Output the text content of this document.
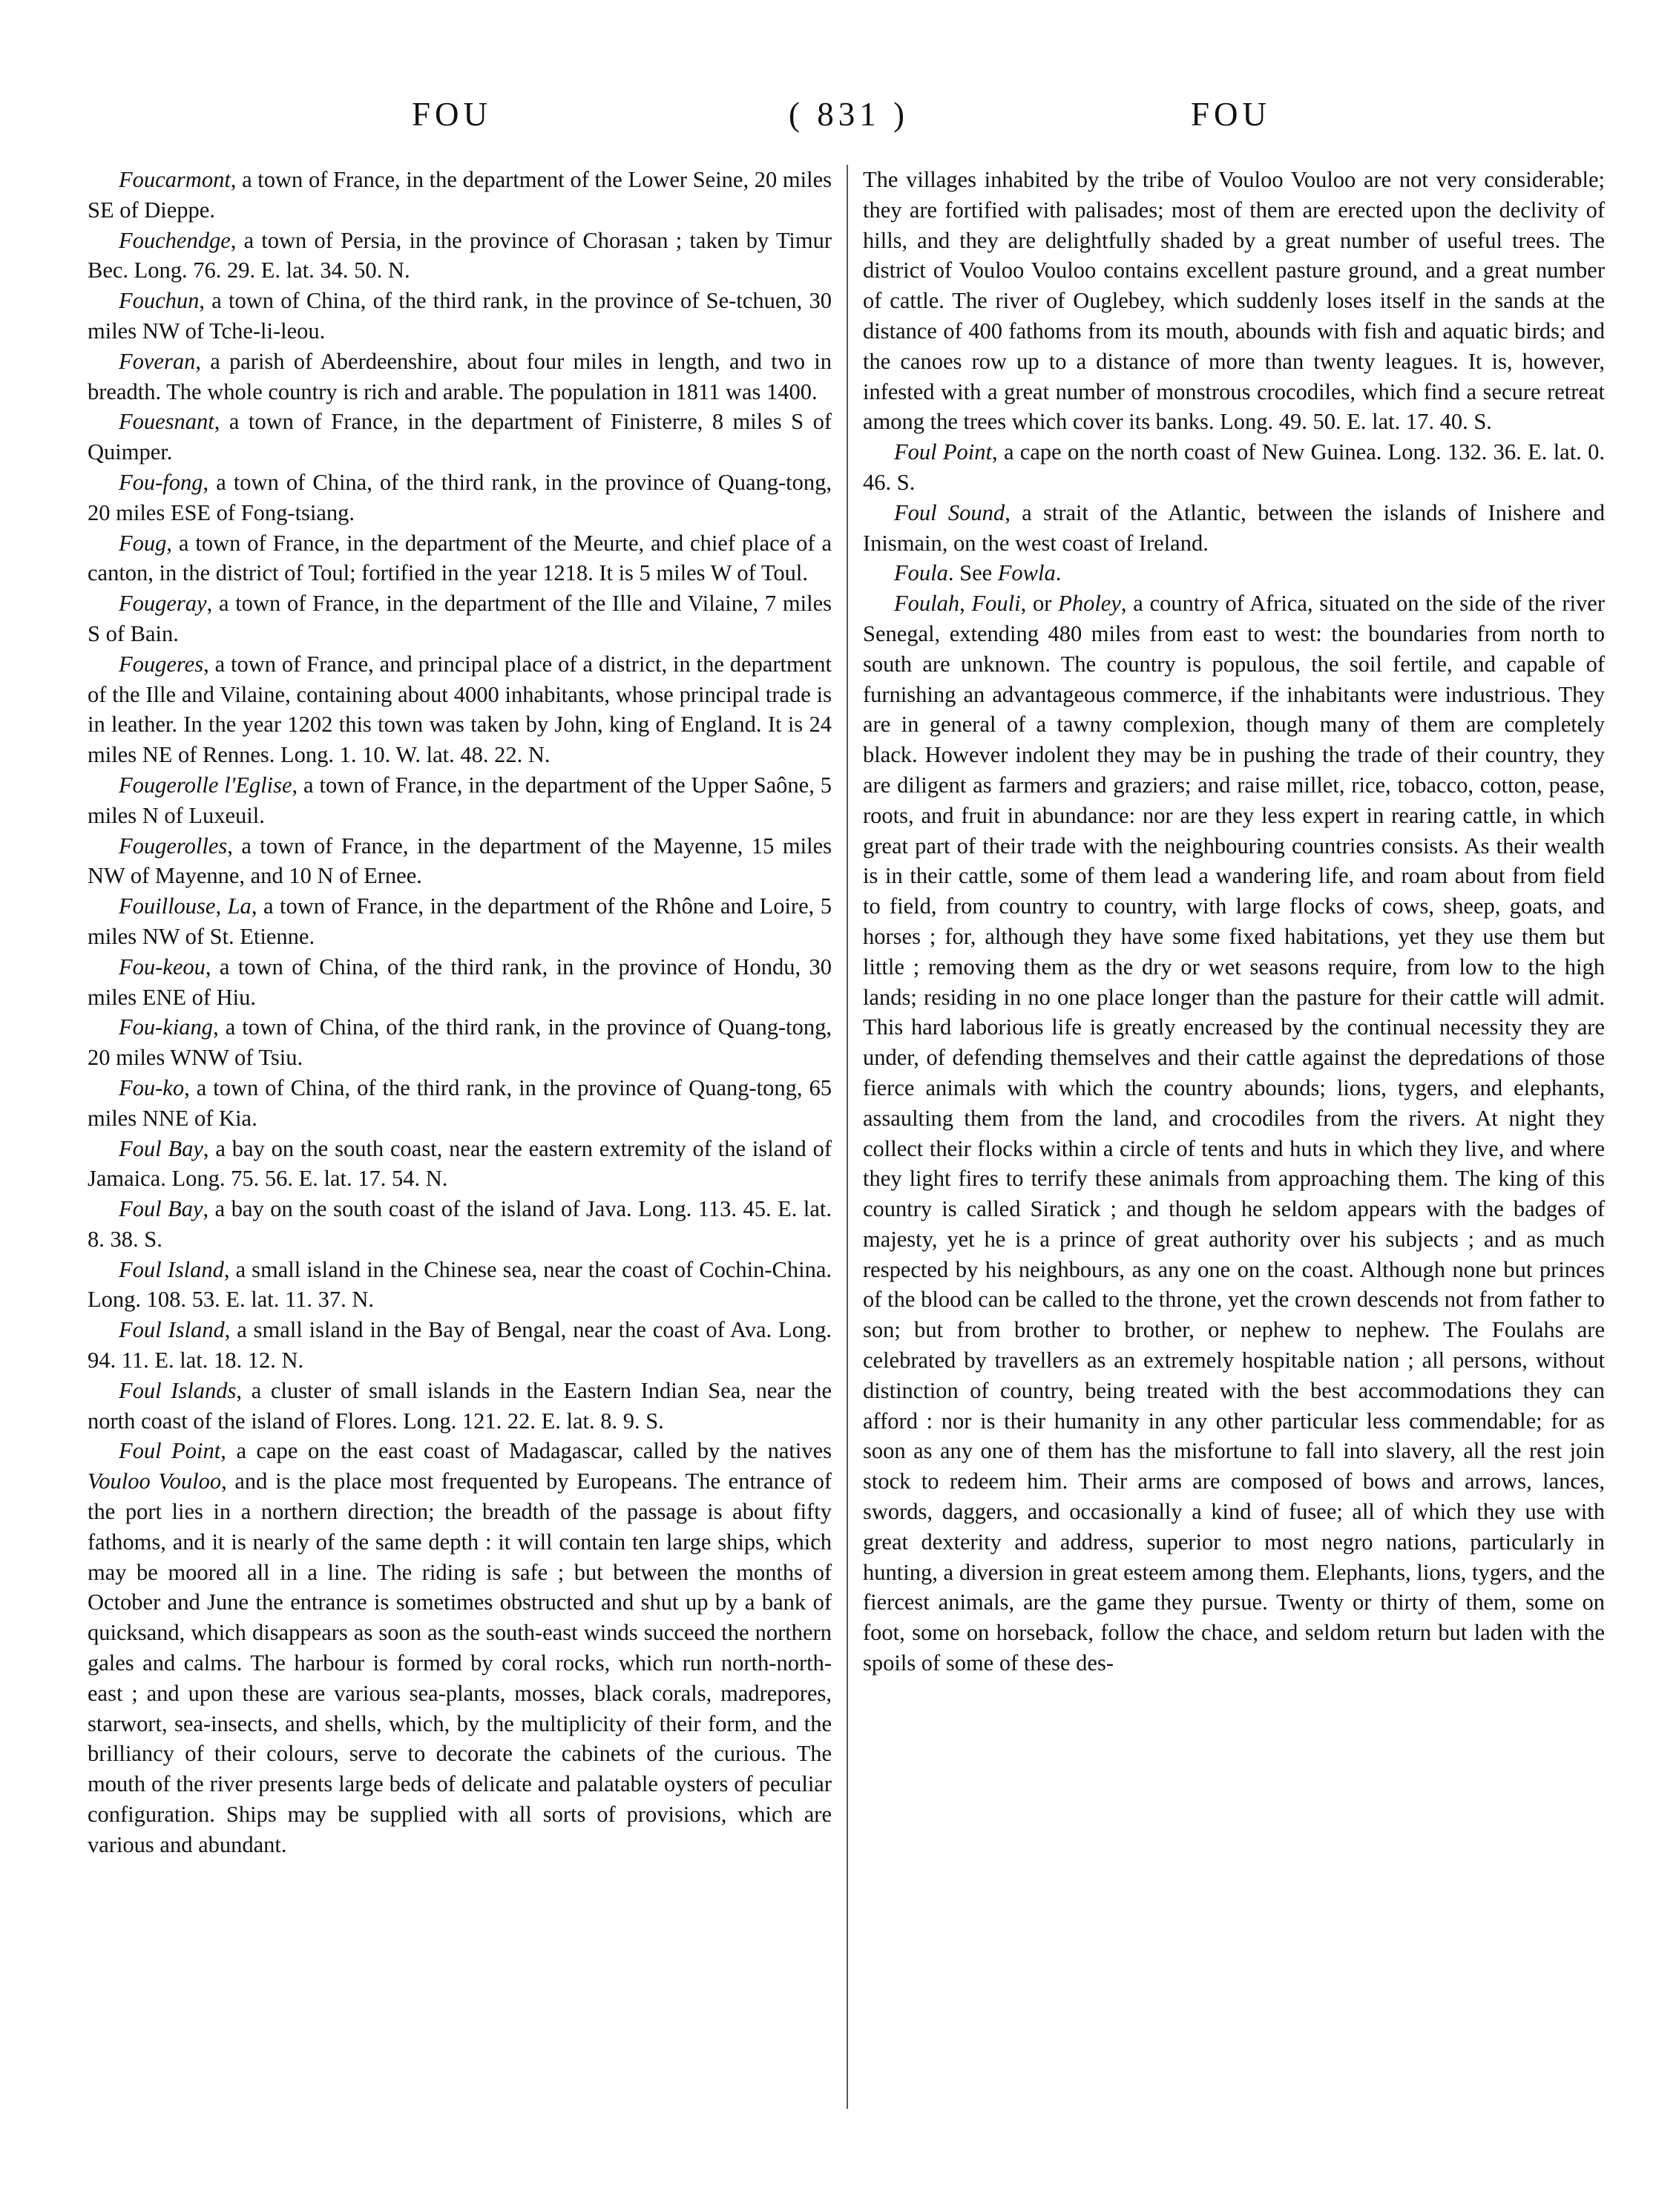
FOU	( 831 )	FOU

Foucarmont, a town of France, in the department of the Lower Seine, 20 miles SE of Dieppe.

Fouchendge, a town of Persia, in the province of Chorasan ; taken by Timur Bec. Long. 76. 29. E. lat. 34. 50. N.

Fouchun, a town of China, of the third rank, in the province of Se-tchuen, 30 miles NW of Tche-li-leou.

Foveran, a parish of Aberdeenshire, about four miles in length, and two in breadth. The whole country is rich and arable. The population in 1811 was 1400.

Fouesnant, a town of France, in the department of Finisterre, 8 miles S of Quimper.

Fou-fong, a town of China, of the third rank, in the province of Quang-tong, 20 miles ESE of Fong-tsiang.

Foug, a town of France, in the department of the Meurte, and chief place of a canton, in the district of Toul; fortified in the year 1218. It is 5 miles W of Toul.

Fougeray, a town of France, in the department of the Ille and Vilaine, 7 miles S of Bain.

Fougeres, a town of France, and principal place of a district, in the department of the Ille and Vilaine, containing about 4000 inhabitants, whose principal trade is in leather. In the year 1202 this town was taken by John, king of England. It is 24 miles NE of Rennes. Long. 1. 10. W. lat. 48. 22. N.

Fougerolle l'Eglise, a town of France, in the department of the Upper Saône, 5 miles N of Luxeuil.

Fougerolles, a town of France, in the department of the Mayenne, 15 miles NW of Mayenne, and 10 N of Ernee.

Fouillouse, La, a town of France, in the department of the Rhône and Loire, 5 miles NW of St. Etienne.

Fou-keou, a town of China, of the third rank, in the province of Hondu, 30 miles ENE of Hiu.

Fou-kiang, a town of China, of the third rank, in the province of Quang-tong, 20 miles WNW of Tsiu.

Fou-ko, a town of China, of the third rank, in the province of Quang-tong, 65 miles NNE of Kia.

Foul Bay, a bay on the south coast, near the eastern extremity of the island of Jamaica. Long. 75. 56. E. lat. 17. 54. N.

Foul Bay, a bay on the south coast of the island of Java. Long. 113. 45. E. lat. 8. 38. S.

Foul Island, a small island in the Chinese sea, near the coast of Cochin-China. Long. 108. 53. E. lat. 11. 37. N.

Foul Island, a small island in the Bay of Bengal, near the coast of Ava. Long. 94. 11. E. lat. 18. 12. N.

Foul Islands, a cluster of small islands in the Eastern Indian Sea, near the north coast of the island of Flores. Long. 121. 22. E. lat. 8. 9. S.

Foul Point, a cape on the east coast of Madagascar, called by the natives Vouloo Vouloo, and is the place most frequented by Europeans. The entrance of the port lies in a northern direction; the breadth of the passage is about fifty fathoms, and it is nearly of the same depth : it will contain ten large ships, which may be moored all in a line. The riding is safe ; but between the months of October and June the entrance is sometimes obstructed and shut up by a bank of quicksand, which disappears as soon as the south-east winds succeed the northern gales and calms. The harbour is formed by coral rocks, which run north-north-east ; and upon these are various sea-plants, mosses, black corals, madrepores, starwort, sea-insects, and shells, which, by the multiplicity of their form, and the brilliancy of their colours, serve to decorate the cabinets of the curious. The mouth of the river presents large beds of delicate and palatable oysters of peculiar configuration. Ships may be supplied with all sorts of provisions, which are various and abundant.

The villages inhabited by the tribe of Vouloo Vouloo are not very considerable; they are fortified with palisades; most of them are erected upon the declivity of hills, and they are delightfully shaded by a great number of useful trees. The district of Vouloo Vouloo contains excellent pasture ground, and a great number of cattle. The river of Ouglebey, which suddenly loses itself in the sands at the distance of 400 fathoms from its mouth, abounds with fish and aquatic birds; and the canoes row up to a distance of more than twenty leagues. It is, however, infested with a great number of monstrous crocodiles, which find a secure retreat among the trees which cover its banks. Long. 49. 50. E. lat. 17. 40. S.

Foul Point, a cape on the north coast of New Guinea. Long. 132. 36. E. lat. 0. 46. S.

Foul Sound, a strait of the Atlantic, between the islands of Inishere and Inismain, on the west coast of Ireland.

Foula. See Fowla.

Foulah, Fouli, or Pholey, a country of Africa, situated on the side of the river Senegal, extending 480 miles from east to west: the boundaries from north to south are unknown. The country is populous, the soil fertile, and capable of furnishing an advantageous commerce, if the inhabitants were industrious. They are in general of a tawny complexion, though many of them are completely black. However indolent they may be in pushing the trade of their country, they are diligent as farmers and graziers; and raise millet, rice, tobacco, cotton, pease, roots, and fruit in abundance: nor are they less expert in rearing cattle, in which great part of their trade with the neighbouring countries consists. As their wealth is in their cattle, some of them lead a wandering life, and roam about from field to field, from country to country, with large flocks of cows, sheep, goats, and horses ; for, although they have some fixed habitations, yet they use them but little ; removing them as the dry or wet seasons require, from low to the high lands; residing in no one place longer than the pasture for their cattle will admit. This hard laborious life is greatly encreased by the continual necessity they are under, of defending themselves and their cattle against the depredations of those fierce animals with which the country abounds; lions, tygers, and elephants, assaulting them from the land, and crocodiles from the rivers. At night they collect their flocks within a circle of tents and huts in which they live, and where they light fires to terrify these animals from approaching them. The king of this country is called Siratick ; and though he seldom appears with the badges of majesty, yet he is a prince of great authority over his subjects ; and as much respected by his neighbours, as any one on the coast. Although none but princes of the blood can be called to the throne, yet the crown descends not from father to son; but from brother to brother, or nephew to nephew. The Foulahs are celebrated by travellers as an extremely hospitable nation ; all persons, without distinction of country, being treated with the best accommodations they can afford : nor is their humanity in any other particular less commendable; for as soon as any one of them has the misfortune to fall into slavery, all the rest join stock to redeem him. Their arms are composed of bows and arrows, lances, swords, daggers, and occasionally a kind of fusee; all of which they use with great dexterity and address, superior to most negro nations, particularly in hunting, a diversion in great esteem among them. Elephants, lions, tygers, and the fiercest animals, are the game they pursue. Twenty or thirty of them, some on foot, some on horseback, follow the chace, and seldom return but laden with the spoils of some of these des-
